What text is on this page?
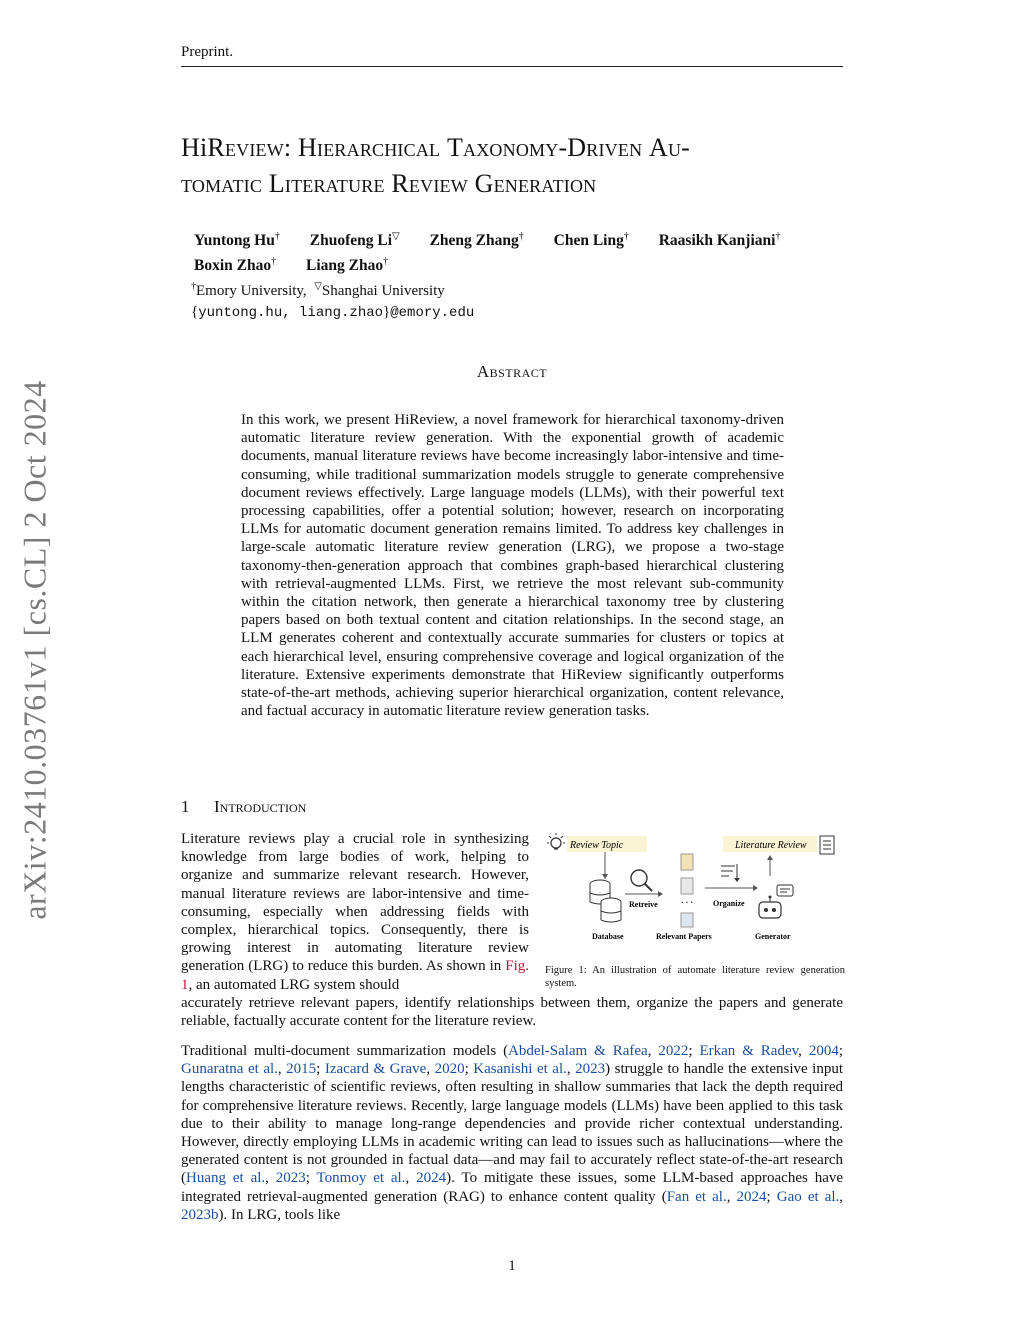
Preprint.
HiReview: Hierarchical Taxonomy-Driven Au-
tomatic Literature Review Generation
Yuntong Hu† Zhuofeng Li▽ Zheng Zhang† Chen Ling† Raasikh Kanjiani†
Boxin Zhao† Liang Zhao†
†Emory University, ▽Shanghai University
{yuntong.hu, liang.zhao}@emory.edu
arXiv:2410.03761v1 [cs.CL] 2 Oct 2024
Abstract
In this work, we present HiReview, a novel framework for hierarchical taxonomy-driven automatic literature review generation. With the exponential growth of academic documents, manual literature reviews have become increasingly labor-intensive and time-consuming, while traditional summarization models struggle to generate comprehensive document reviews effectively. Large language models (LLMs), with their powerful text processing capabilities, offer a potential solution; however, research on incorporating LLMs for automatic document generation remains limited. To address key challenges in large-scale automatic literature review generation (LRG), we propose a two-stage taxonomy-then-generation approach that combines graph-based hierarchical clustering with retrieval-augmented LLMs. First, we retrieve the most relevant sub-community within the citation network, then generate a hierarchical taxonomy tree by clustering papers based on both textual content and citation relationships. In the second stage, an LLM generates coherent and contextually accurate summaries for clusters or topics at each hierarchical level, ensuring comprehensive coverage and logical organization of the literature. Extensive experiments demonstrate that HiReview significantly outperforms state-of-the-art methods, achieving superior hierarchical organization, content relevance, and factual accuracy in automatic literature review generation tasks.
1 Introduction
Literature reviews play a crucial role in synthesizing knowledge from large bodies of work, helping to organize and summarize relevant research. However, manual literature reviews are labor-intensive and time-consuming, especially when addressing fields with complex, hierarchical topics. Consequently, there is growing interest in automating literature review generation (LRG) to reduce this burden. As shown in Fig. 1, an automated LRG system should
accurately retrieve relevant papers, identify relationships between them, organize the papers and generate reliable, factually accurate content for the literature review.
Traditional multi-document summarization models (Abdel-Salam & Rafea, 2022; Erkan & Radev, 2004; Gunaratna et al., 2015; Izacard & Grave, 2020; Kasanishi et al., 2023) struggle to handle the extensive input lengths characteristic of scientific reviews, often resulting in shallow summaries that lack the depth required for comprehensive literature reviews. Recently, large language models (LLMs) have been applied to this task due to their ability to manage long-range dependencies and provide richer contextual understanding. However, directly employing LLMs in academic writing can lead to issues such as hallucinations—where the generated content is not grounded in factual data—and may fail to accurately reflect state-of-the-art research (Huang et al., 2023; Tonmoy et al., 2024). To mitigate these issues, some LLM-based approaches have integrated retrieval-augmented generation (RAG) to enhance content quality (Fan et al., 2024; Gao et al., 2023b). In LRG, tools like
Review Topic	Literature Review
Database
Retreive	· · ·
Relevant Papers
Organize
Generator
Figure 1: An illustration of automate literature review generation system.
1
